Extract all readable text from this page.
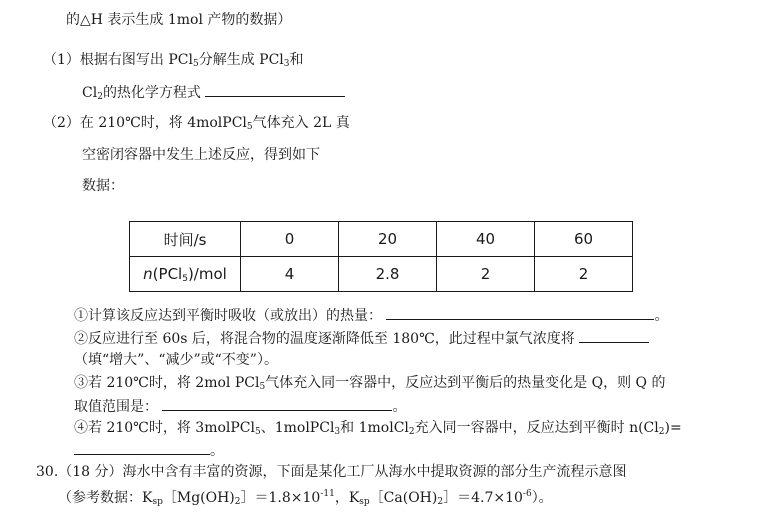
的△H 表示生成 1mol 产物的数据）
（1）根据右图写出 PCl$_5$分解生成 PCl$_3$和
$Cl_2$的热化学方程式
（2）在 210℃时，将 4molPCl$_5$气体充入 2L 真
空密闭容器中发生上述反应，得到如下
数据：
时间/s	0	20	40	60
n(PCl$_5$)/mol	4	2.8	2	2
①计算该反应达到平衡时吸收（或放出）的热量：	。
②反应进行至 60s 后，将混合物的温度逐渐降低至 180℃，此过程中氯气浓度将
（填“增大”、“减少”或“不变”）。
③若 210℃时，将 2mol PCl$_5$气体充入同一容器中，反应达到平衡后的热量变化是 Q，则 Q 的
取值范围是：	。
④若 210℃时，将 3molPCl$_5$、1molPCl$_3$和 1molCl$_2$充入同一容器中，反应达到平衡时 $n(Cl_2)=$
。
30.（18 分）海水中含有丰富的资源，下面是某化工厂从海水中提取资源的部分生产流程示意图
（参考数据：$K_{sp}[Mg(OH)_2]=1.8\times 10^{-11}$，$K_{sp}[Ca(OH)_2]=4.7\times 10^{-6}$）。
